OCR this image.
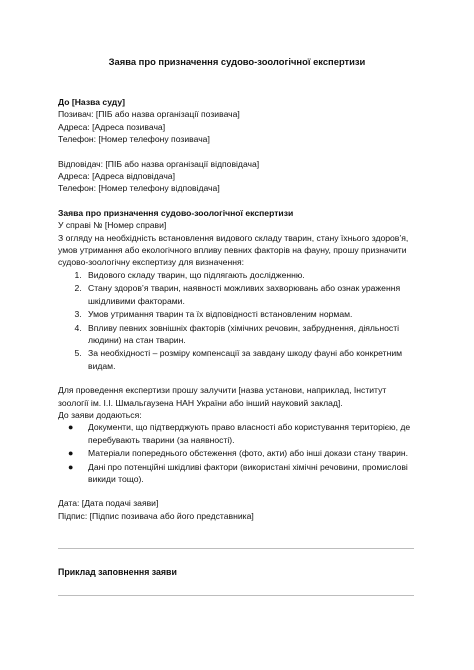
Заява про призначення судово-зоологічної експертизи

До [Назва суду]

Позивач: [ПІБ або назва організації позивача]

Адреса: [Адреса позивача]

Телефон: [Номер телефону позивача]

Відповідач: [ПІБ або назва організації відповідача]

Адреса: [Адреса відповідача]

Телефон: [Номер телефону відповідача]

Заява про призначення судово-зоологічної експертизи

У справі № [Номер справи]

З огляду на необхідність встановлення видового складу тварин, стану їхнього здоров’я, умов утримання або екологічного впливу певних факторів на фауну, прошу призначити судово-зоологічну експертизу для визначення:

1. Видового складу тварин, що підлягають дослідженню.
2. Стану здоров’я тварин, наявності можливих захворювань або ознак ураження шкідливими факторами.
3. Умов утримання тварин та їх відповідності встановленим нормам.
4. Впливу певних зовнішніх факторів (хімічних речовин, забруднення, діяльності людини) на стан тварин.
5. За необхідності – розміру компенсації за завдану шкоду фауні або конкретним видам.

Для проведення експертизи прошу залучити [назва установи, наприклад, Інститут зоології ім. І.І. Шмальгаузена НАН України або інший науковий заклад].

До заяви додаються:

● Документи, що підтверджують право власності або користування територією, де перебувають тварини (за наявності).
● Матеріали попереднього обстеження (фото, акти) або інші докази стану тварин.
● Дані про потенційні шкідливі фактори (використані хімічні речовини, промислові викиди тощо).

Дата: [Дата подачі заяви]

Підпис: [Підпис позивача або його представника]

Приклад заповнення заяви
